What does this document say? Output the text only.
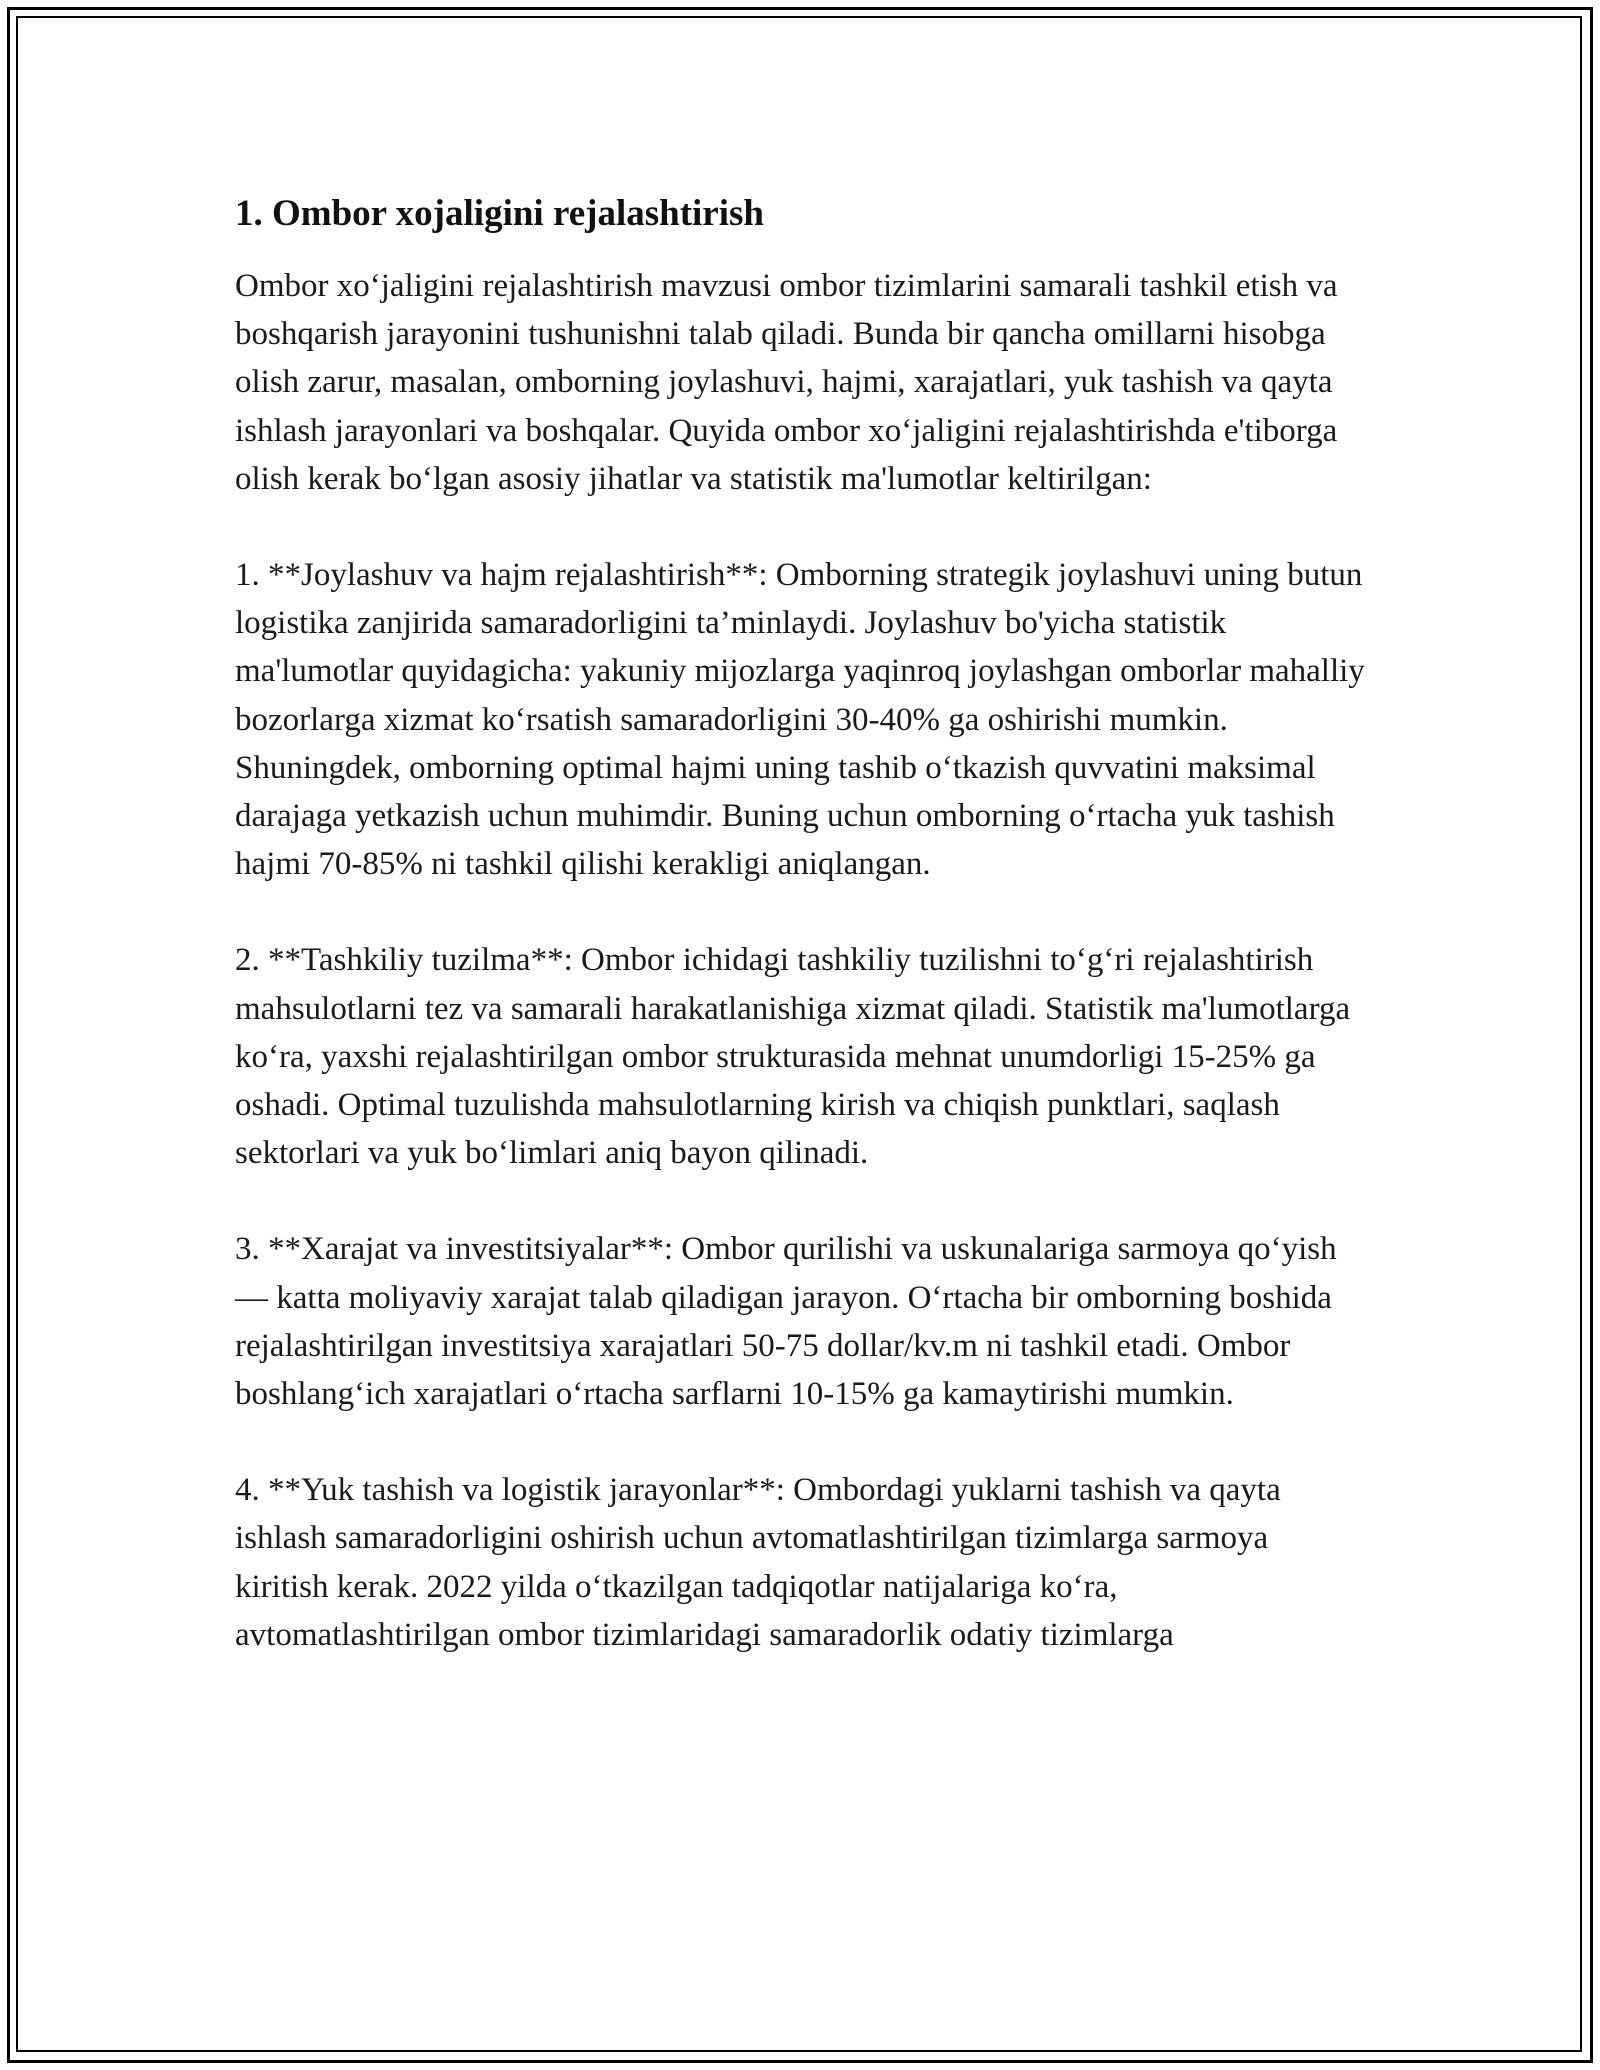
1. Ombor xojaligini rejalashtirish

Ombor xo‘jaligini rejalashtirish mavzusi ombor tizimlarini samarali tashkil etish va boshqarish jarayonini tushunishni talab qiladi. Bunda bir qancha omillarni hisobga olish zarur, masalan, omborning joylashuvi, hajmi, xarajatlari, yuk tashish va qayta ishlash jarayonlari va boshqalar. Quyida ombor xo‘jaligini rejalashtirishda e'tiborga olish kerak bo‘lgan asosiy jihatlar va statistik ma'lumotlar keltirilgan:

1. **Joylashuv va hajm rejalashtirish**: Omborning strategik joylashuvi uning butun logistika zanjirida samaradorligini ta’minlaydi. Joylashuv bo'yicha statistik ma'lumotlar quyidagicha: yakuniy mijozlarga yaqinroq joylashgan omborlar mahalliy bozorlarga xizmat ko‘rsatish samaradorligini 30-40% ga oshirishi mumkin. Shuningdek, omborning optimal hajmi uning tashib o‘tkazish quvvatini maksimal darajaga yetkazish uchun muhimdir. Buning uchun omborning o‘rtacha yuk tashish hajmi 70-85% ni tashkil qilishi kerakligi aniqlangan.

2. **Tashkiliy tuzilma**: Ombor ichidagi tashkiliy tuzilishni to‘g‘ri rejalashtirish mahsulotlarni tez va samarali harakatlanishiga xizmat qiladi. Statistik ma'lumotlarga ko‘ra, yaxshi rejalashtirilgan ombor strukturasida mehnat unumdorligi 15-25% ga oshadi. Optimal tuzulishda mahsulotlarning kirish va chiqish punktlari, saqlash sektorlari va yuk bo‘limlari aniq bayon qilinadi.

3. **Xarajat va investitsiyalar**: Ombor qurilishi va uskunalariga sarmoya qo‘yish — katta moliyaviy xarajat talab qiladigan jarayon. O‘rtacha bir omborning boshida rejalashtirilgan investitsiya xarajatlari 50-75 dollar/kv.m ni tashkil etadi. Ombor boshlang‘ich xarajatlari o‘rtacha sarflarni 10-15% ga kamaytirishi mumkin.

4. **Yuk tashish va logistik jarayonlar**: Ombordagi yuklarni tashish va qayta ishlash samaradorligini oshirish uchun avtomatlashtirilgan tizimlarga sarmoya kiritish kerak. 2022 yilda o‘tkazilgan tadqiqotlar natijalariga ko‘ra, avtomatlashtirilgan ombor tizimlaridagi samaradorlik odatiy tizimlarga
